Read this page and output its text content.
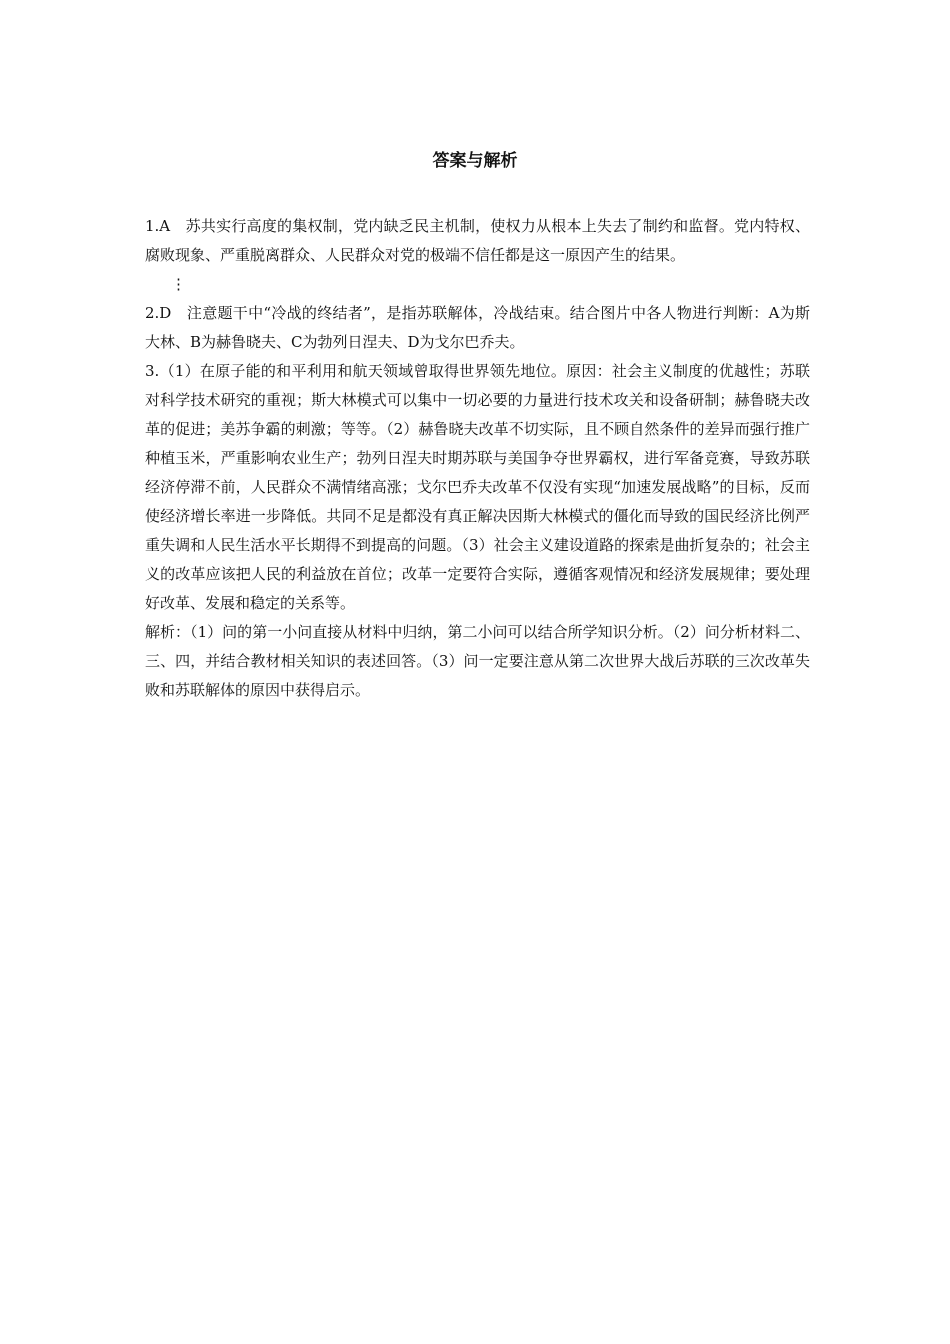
答案与解析

1.A　苏共实行高度的集权制，党内缺乏民主机制，使权力从根本上失去了制约和监督。党内特权、腐败现象、严重脱离群众、人民群众对党的极端不信任都是这一原因产生的结果。

⋮

2.D　注意题干中“冷战的终结者”，是指苏联解体，冷战结束。结合图片中各人物进行判断：A为斯大林、B为赫鲁晓夫、C为勃列日涅夫、D为戈尔巴乔夫。

3.（1）在原子能的和平利用和航天领域曾取得世界领先地位。原因：社会主义制度的优越性；苏联对科学技术研究的重视；斯大林模式可以集中一切必要的力量进行技术攻关和设备研制；赫鲁晓夫改革的促进；美苏争霸的刺激；等等。（2）赫鲁晓夫改革不切实际，且不顾自然条件的差异而强行推广种植玉米，严重影响农业生产；勃列日涅夫时期苏联与美国争夺世界霸权，进行军备竞赛，导致苏联经济停滞不前，人民群众不满情绪高涨；戈尔巴乔夫改革不仅没有实现“加速发展战略”的目标，反而使经济增长率进一步降低。共同不足是都没有真正解决因斯大林模式的僵化而导致的国民经济比例严重失调和人民生活水平长期得不到提高的问题。（3）社会主义建设道路的探索是曲折复杂的；社会主义的改革应该把人民的利益放在首位；改革一定要符合实际，遵循客观情况和经济发展规律；要处理好改革、发展和稳定的关系等。

解析：（1）问的第一小问直接从材料中归纳，第二小问可以结合所学知识分析。（2）问分析材料二、三、四，并结合教材相关知识的表述回答。（3）问一定要注意从第二次世界大战后苏联的三次改革失败和苏联解体的原因中获得启示。
